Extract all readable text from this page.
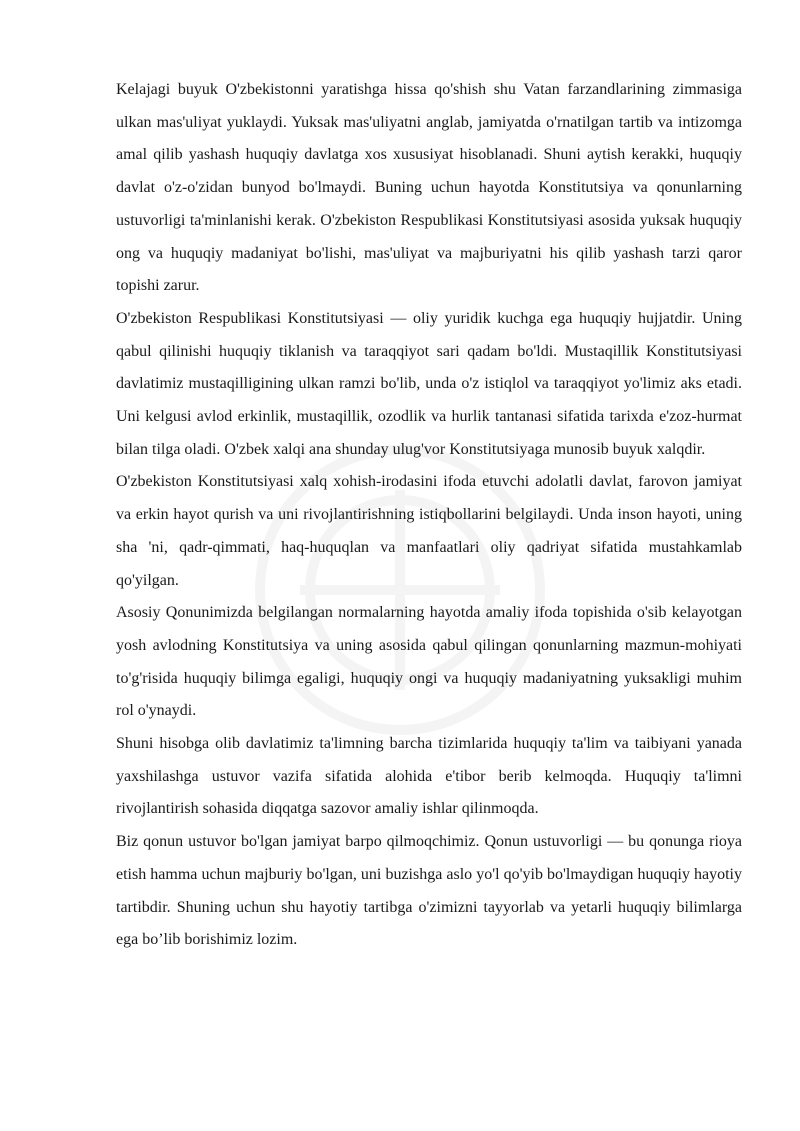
Kelajagi buyuk O'zbekistonni yaratishga hissa qo'shish shu Vatan farzandlarining zimmasiga ulkan mas'uliyat yuklaydi. Yuksak mas'uliyatni anglab, jamiyatda o'rnatilgan tartib va intizomga amal qilib yashash huquqiy davlatga xos xususiyat hisoblanadi. Shuni aytish kerakki, huquqiy davlat o'z-o'zidan bunyod bo'lmaydi. Buning uchun hayotda Konstitutsiya va qonunlarning ustuvorligi ta'minlanishi kerak. O'zbekiston Respublikasi Konstitutsiyasi asosida yuksak huquqiy ong va huquqiy madaniyat bo'lishi, mas'uliyat va majburiyatni his qilib yashash tarzi qaror topishi zarur.

O'zbekiston Respublikasi Konstitutsiyasi — oliy yuridik kuchga ega huquqiy hujjatdir. Uning qabul qilinishi huquqiy tiklanish va taraqqiyot sari qadam bo'ldi. Mustaqillik Konstitutsiyasi davlatimiz mustaqilligining ulkan ramzi bo'lib, unda o'z istiqlol va taraqqiyot yo'limiz aks etadi. Uni kelgusi avlod erkinlik, mustaqillik, ozodlik va hurlik tantanasi sifatida tarixda e'zoz-hurmat bilan tilga oladi. O'zbek xalqi ana shunday ulug'vor Konstitutsiyaga munosib buyuk xalqdir.

O'zbekiston Konstitutsiyasi xalq xohish-irodasini ifoda etuvchi adolatli davlat, farovon jamiyat va erkin hayot qurish va uni rivojlantirishning istiqbollarini belgilaydi. Unda inson hayoti, uning sha 'ni, qadr-qimmati, haq-huquqlan va manfaatlari oliy qadriyat sifatida mustahkamlab qo'yilgan.

Asosiy Qonunimizda belgilangan normalarning hayotda amaliy ifoda topishida o'sib kelayotgan yosh avlodning Konstitutsiya va uning asosida qabul qilingan qonunlarning mazmun-mohiyati to'g'risida huquqiy bilimga egaligi, huquqiy ongi va huquqiy madaniyatning yuksakligi muhim rol o'ynaydi.

Shuni hisobga olib davlatimiz ta'limning barcha tizimlarida huquqiy ta'lim va taibiyani yanada yaxshilashga ustuvor vazifa sifatida alohida e'tibor berib kelmoqda. Huquqiy ta'limni rivojlantirish sohasida diqqatga sazovor amaliy ishlar qilinmoqda.

Biz qonun ustuvor bo'lgan jamiyat barpo qilmoqchimiz. Qonun ustuvorligi — bu qonunga rioya etish hamma uchun majburiy bo'lgan, uni buzishga aslo yo'l qo'yib bo'lmaydigan huquqiy hayotiy tartibdir. Shuning uchun shu hayotiy tartibga o'zimizni tayyorlab va yetarli huquqiy bilimlarga ega bo’lib borishimiz lozim.
